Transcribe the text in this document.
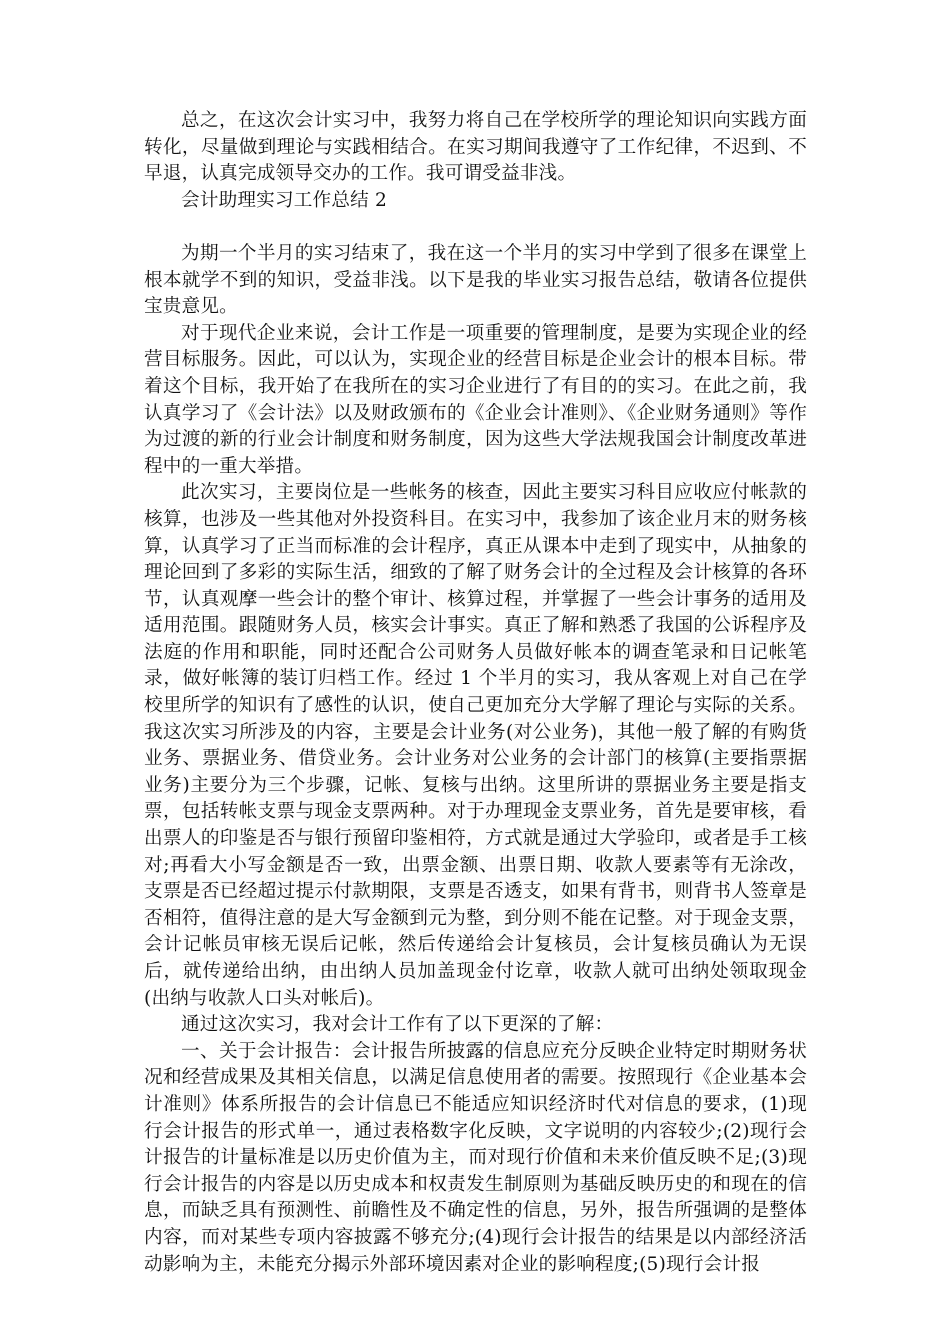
总之，在这次会计实习中，我努力将自己在学校所学的理论知识向实践方面转化，尽量做到理论与实践相结合。在实习期间我遵守了工作纪律，不迟到、不早退，认真完成领导交办的工作。我可谓受益非浅。

会计助理实习工作总结 2

为期一个半月的实习结束了，我在这一个半月的实习中学到了很多在课堂上根本就学不到的知识，受益非浅。以下是我的毕业实习报告总结，敬请各位提供宝贵意见。

对于现代企业来说，会计工作是一项重要的管理制度，是要为实现企业的经营目标服务。因此，可以认为，实现企业的经营目标是企业会计的根本目标。带着这个目标，我开始了在我所在的实习企业进行了有目的的实习。在此之前，我认真学习了《会计法》以及财政颁布的《企业会计准则》、《企业财务通则》等作为过渡的新的行业会计制度和财务制度，因为这些大学法规我国会计制度改革进程中的一重大举措。

此次实习，主要岗位是一些帐务的核查，因此主要实习科目应收应付帐款的核算，也涉及一些其他对外投资科目。在实习中，我参加了该企业月末的财务核算，认真学习了正当而标准的会计程序，真正从课本中走到了现实中，从抽象的理论回到了多彩的实际生活，细致的了解了财务会计的全过程及会计核算的各环节，认真观摩一些会计的整个审计、核算过程，并掌握了一些会计事务的适用及适用范围。跟随财务人员，核实会计事实。真正了解和熟悉了我国的公诉程序及法庭的作用和职能，同时还配合公司财务人员做好帐本的调查笔录和日记帐笔录，做好帐簿的装订归档工作。经过 1 个半月的实习，我从客观上对自己在学校里所学的知识有了感性的认识，使自己更加充分大学解了理论与实际的关系。我这次实习所涉及的内容，主要是会计业务(对公业务)，其他一般了解的有购货业务、票据业务、借贷业务。会计业务对公业务的会计部门的核算(主要指票据业务)主要分为三个步骤，记帐、复核与出纳。这里所讲的票据业务主要是指支票，包括转帐支票与现金支票两种。对于办理现金支票业务，首先是要审核，看出票人的印鉴是否与银行预留印鉴相符，方式就是通过大学验印，或者是手工核对;再看大小写金额是否一致，出票金额、出票日期、收款人要素等有无涂改，支票是否已经超过提示付款期限，支票是否透支，如果有背书，则背书人签章是否相符，值得注意的是大写金额到元为整，到分则不能在记整。对于现金支票，会计记帐员审核无误后记帐，然后传递给会计复核员，会计复核员确认为无误后，就传递给出纳，由出纳人员加盖现金付讫章，收款人就可出纳处领取现金(出纳与收款人口头对帐后)。

通过这次实习，我对会计工作有了以下更深的了解：

一、关于会计报告：会计报告所披露的信息应充分反映企业特定时期财务状况和经营成果及其相关信息，以满足信息使用者的需要。按照现行《企业基本会计准则》体系所报告的会计信息已不能适应知识经济时代对信息的要求，(1)现行会计报告的形式单一，通过表格数字化反映，文字说明的内容较少;(2)现行会计报告的计量标准是以历史价值为主，而对现行价值和未来价值反映不足;(3)现行会计报告的内容是以历史成本和权责发生制原则为基础反映历史的和现在的信息，而缺乏具有预测性、前瞻性及不确定性的信息，另外，报告所强调的是整体内容，而对某些专项内容披露不够充分;(4)现行会计报告的结果是以内部经济活动影响为主，未能充分揭示外部环境因素对企业的影响程度;(5)现行会计报
